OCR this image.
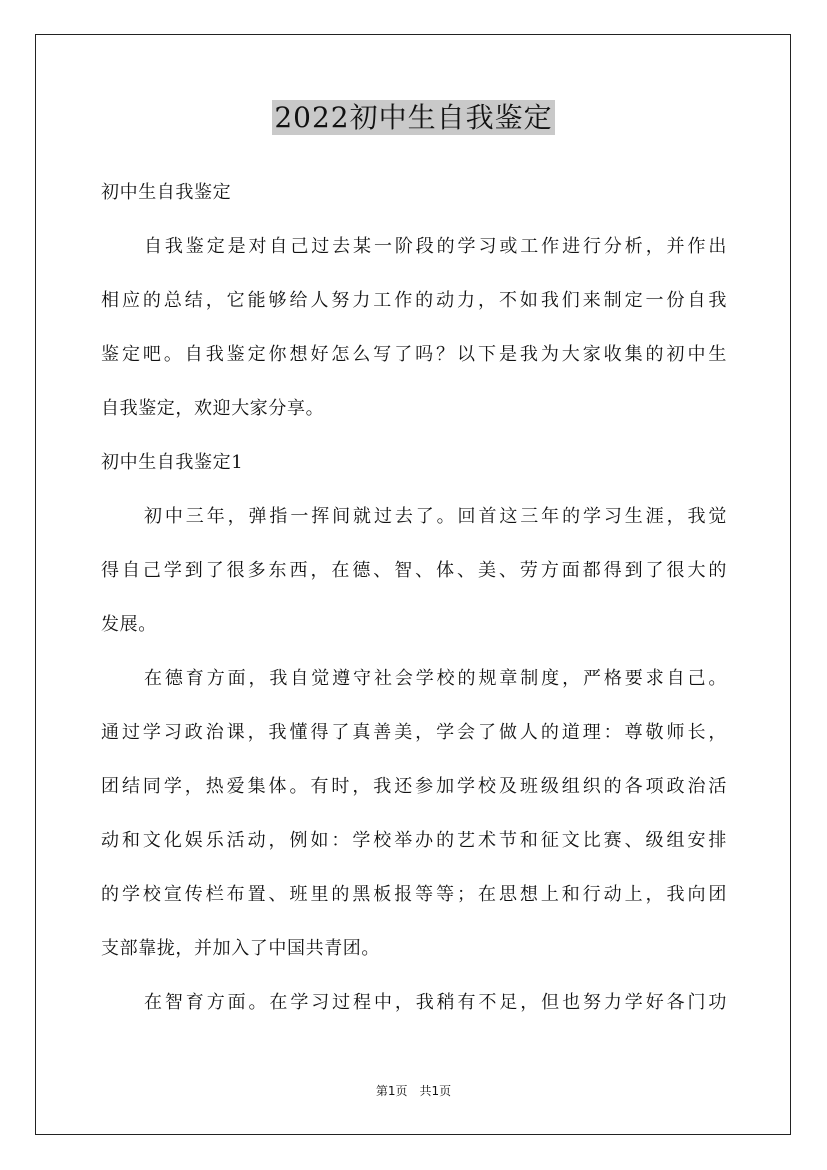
2022初中生自我鉴定
初中生自我鉴定
自我鉴定是对自己过去某一阶段的学习或工作进行分析，并作出
相应的总结，它能够给人努力工作的动力，不如我们来制定一份自我
鉴定吧。自我鉴定你想好怎么写了吗？以下是我为大家收集的初中生
自我鉴定，欢迎大家分享。
初中生自我鉴定1
初中三年，弹指一挥间就过去了。回首这三年的学习生涯，我觉
得自己学到了很多东西，在德、智、体、美、劳方面都得到了很大的
发展。
在德育方面，我自觉遵守社会学校的规章制度，严格要求自己。
通过学习政治课，我懂得了真善美，学会了做人的道理：尊敬师长，
团结同学，热爱集体。有时，我还参加学校及班级组织的各项政治活
动和文化娱乐活动，例如：学校举办的艺术节和征文比赛、级组安排
的学校宣传栏布置、班里的黑板报等等；在思想上和行动上，我向团
支部靠拢，并加入了中国共青团。
在智育方面。在学习过程中，我稍有不足，但也努力学好各门功
第1页　共1页
